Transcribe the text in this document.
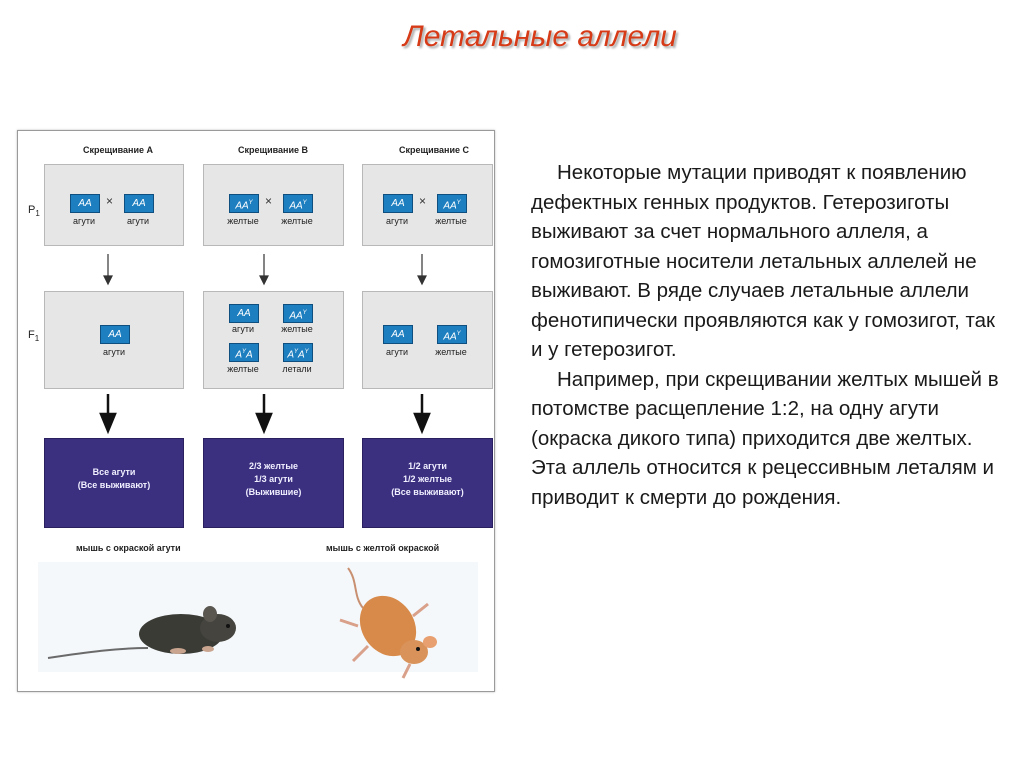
Летальные аллели
Скрещивание А	Скрещивание В	Скрещивание С
$P_1$
$F_1$
AA	×	AA
агути	агути
$AA^Y$	×	$AA^Y$
желтые	желтые
AA	×	$AA^Y$
агути	желтые
AA
агути
AA	$AA^Y$
агути	желтые
$A^YA$	$A^YA^Y$
желтые	летали
AA	$AA^Y$
агути	желтые
Все агути
(Все выживают)
2/3 желтые
1/3 агути
(Выжившие)
1/2 агути
1/2 желтые
(Все выживают)
мышь с окраской агути	мышь с желтой окраской

Некоторые мутации приводят к появлению дефектных генных продуктов. Гетерозиготы выживают за счет нормального аллеля, а гомозиготные носители летальных аллелей не выживают. В ряде случаев летальные аллели фенотипически проявляются как у гомозигот, так и у гетерозигот.

Например, при скрещивании желтых мышей в потомстве расщепление 1:2, на одну агути (окраска дикого типа) приходится две желтых. Эта аллель относится к рецессивным леталям и приводит к смерти до рождения.
